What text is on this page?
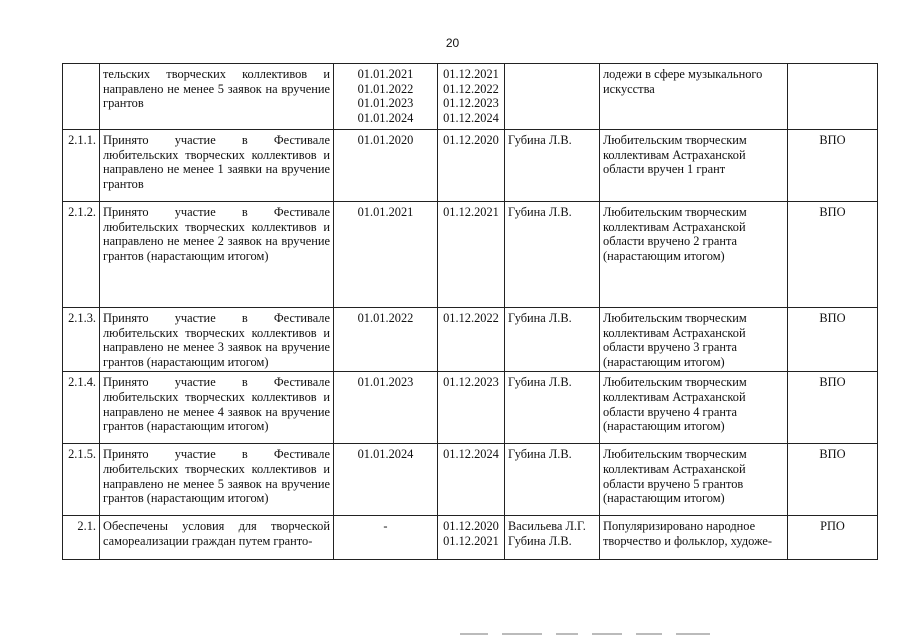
20
	тельских творческих коллективов и направлено не менее 5 заявок на вручение грантов	01.01.2021
01.01.2022
01.01.2023
01.01.2024	01.12.2021
01.12.2022
01.12.2023
01.12.2024		лодежи в сфере музыкального искусства	
2.1.1.	Принято участие в Фестивале любительских творческих коллективов и направлено не менее 1 заявки на вручение грантов	01.01.2020	01.12.2020	Губина Л.В.	Любительским творческим коллективам Астраханской области вручен 1 грант	ВПО
2.1.2.	Принято участие в Фестивале любительских творческих коллективов и направлено не менее 2 заявок на вручение грантов (нарастающим итогом)	01.01.2021	01.12.2021	Губина Л.В.	Любительским творческим коллективам Астраханской области вручено 2 гранта (нарастающим итогом)	ВПО
2.1.3.	Принято участие в Фестивале любительских творческих коллективов и направлено не менее 3 заявок на вручение грантов (нарастающим итогом)	01.01.2022	01.12.2022	Губина Л.В.	Любительским творческим коллективам Астраханской области вручено 3 гранта (нарастающим итогом)	ВПО
2.1.4.	Принято участие в Фестивале любительских творческих коллективов и направлено не менее 4 заявок на вручение грантов (нарастающим итогом)	01.01.2023	01.12.2023	Губина Л.В.	Любительским творческим коллективам Астраханской области вручено 4 гранта (нарастающим итогом)	ВПО
2.1.5.	Принято участие в Фестивале любительских творческих коллективов и направлено не менее 5 заявок на вручение грантов (нарастающим итогом)	01.01.2024	01.12.2024	Губина Л.В.	Любительским творческим коллективам Астраханской области вручено 5 грантов (нарастающим итогом)	ВПО
2.1.	Обеспечены условия для творческой самореализации граждан путем гранто-	-	01.12.2020
01.12.2021	Васильева Л.Г.
Губина Л.В.	Популяризировано народное творчество и фольклор, художе-	РПО
